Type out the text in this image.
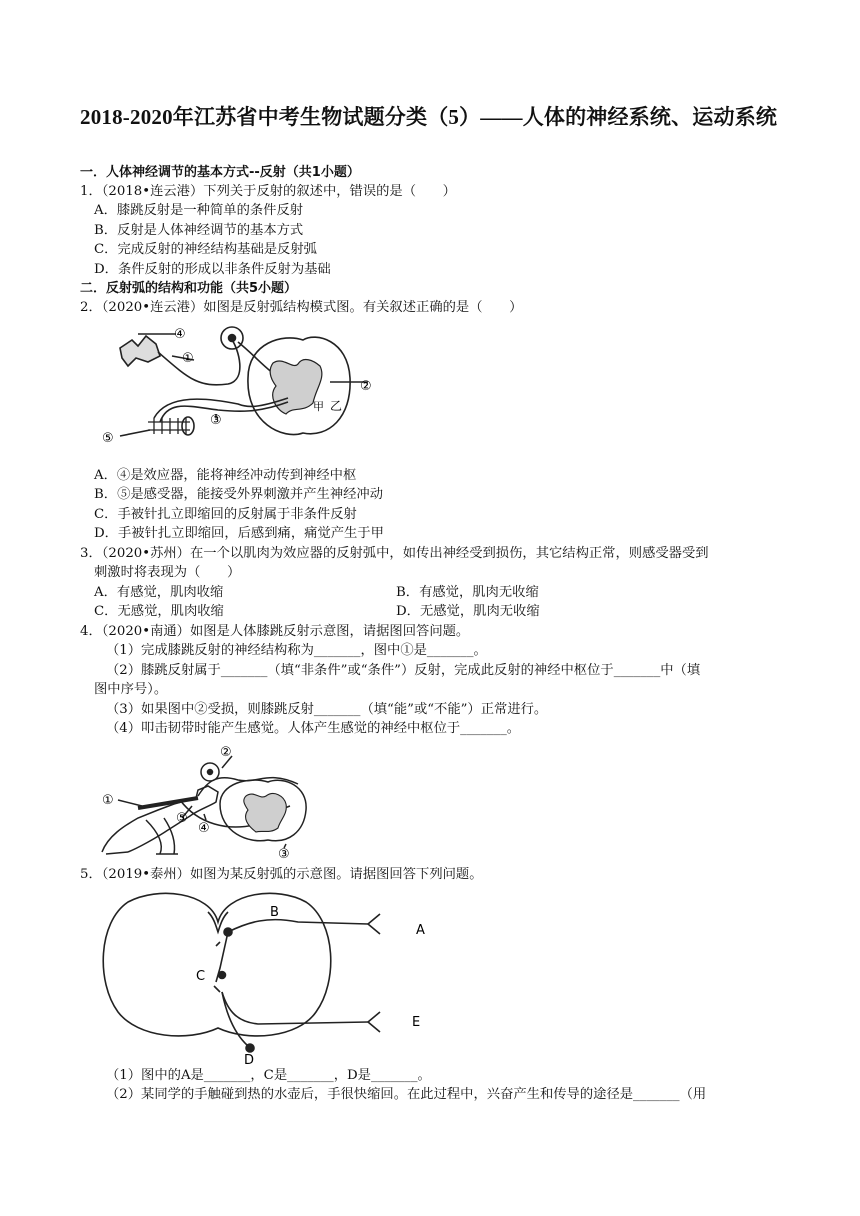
2018-2020年江苏省中考生物试题分类（5）——人体的神经系统、运动系统
一．人体神经调节的基本方式--反射（共1小题）
1．（2018•连云港）下列关于反射的叙述中，错误的是（　　）
A．膝跳反射是一种简单的条件反射
B．反射是人体神经调节的基本方式
C．完成反射的神经结构基础是反射弧
D．条件反射的形成以非条件反射为基础
二．反射弧的结构和功能（共5小题）
2．（2020•连云港）如图是反射弧结构模式图。有关叙述正确的是（　　）
④
①
②
③
⑤
甲 乙
A．④是效应器，能将神经冲动传到神经中枢
B．⑤是感受器，能接受外界刺激并产生神经冲动
C．手被针扎立即缩回的反射属于非条件反射
D．手被针扎立即缩回，后感到痛，痛觉产生于甲
3．（2020•苏州）在一个以肌肉为效应器的反射弧中，如传出神经受到损伤，其它结构正常，则感受器受到
刺激时将表现为（　　）
A．有感觉，肌肉收缩	B．有感觉，肌肉无收缩
C．无感觉，肌肉收缩	D．无感觉，肌肉无收缩
4．（2020•南通）如图是人体膝跳反射示意图，请据图回答问题。
（1）完成膝跳反射的神经结构称为_______，图中①是_______。
（2）膝跳反射属于_______（填“非条件”或“条件”）反射，完成此反射的神经中枢位于_______中（填
图中序号）。
（3）如果图中②受损，则膝跳反射_______（填“能”或“不能”）正常进行。
（4）叩击韧带时能产生感觉。人体产生感觉的神经中枢位于_______。
①
②
③
④
⑤
5．（2019•泰州）如图为某反射弧的示意图。请据图回答下列问题。
B
A
C
E
D
（1）图中的A是_______，C是_______，D是_______。
（2）某同学的手触碰到热的水壶后，手很快缩回。在此过程中，兴奋产生和传导的途径是_______（用
